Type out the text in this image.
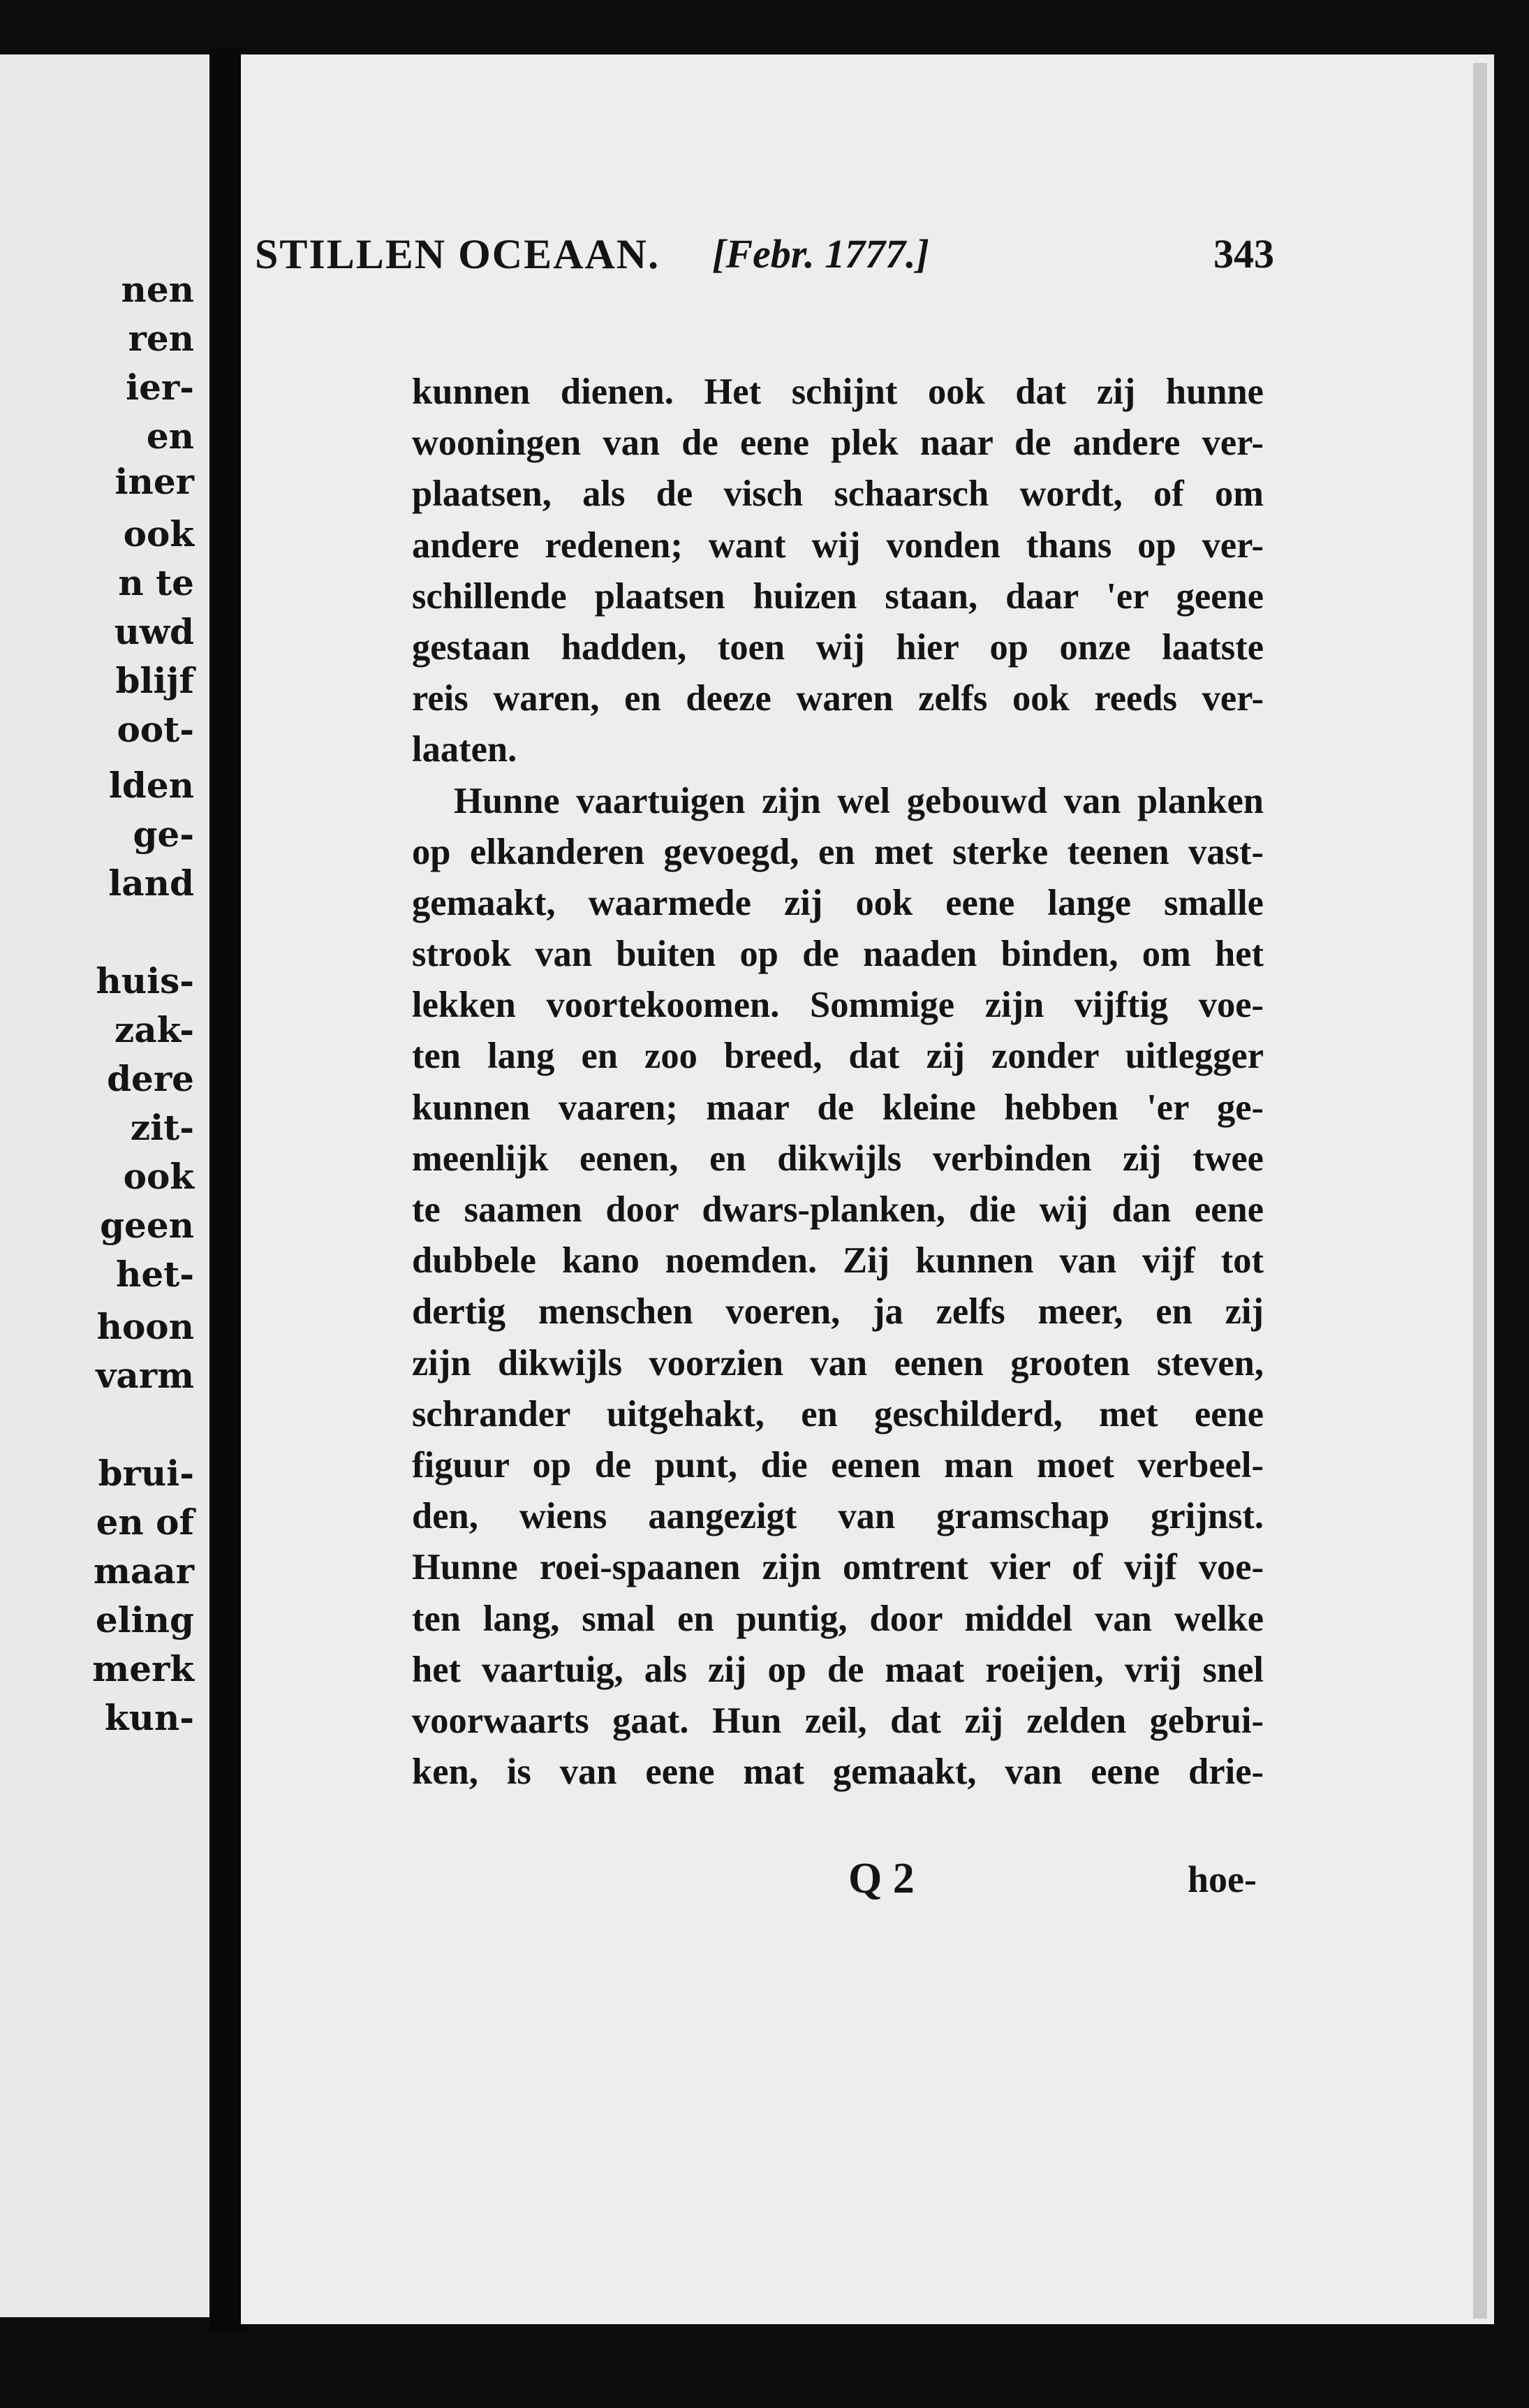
nen
ren
ier-
en
iner
ook
n te
uwd
blijf
oot-
lden
ge-
land
huis-
zak-
dere
zit-
ook
geen
het-
hoon
varm
brui-
en of
maar
eling
merk
kun-
STILLEN OCEAAN. [Febr. 1777.]	343
kunnen dienen. Het schijnt ook dat zij hunne
wooningen van de eene plek naar de andere ver-
plaatsen, als de visch schaarsch wordt, of om
andere redenen; want wij vonden thans op ver-
schillende plaatsen huizen staan, daar 'er geene
gestaan hadden, toen wij hier op onze laatste
reis waren, en deeze waren zelfs ook reeds ver-
laaten.
Hunne vaartuigen zijn wel gebouwd van planken
op elkanderen gevoegd, en met sterke teenen vast-
gemaakt, waarmede zij ook eene lange smalle
strook van buiten op de naaden binden, om het
lekken voortekoomen. Sommige zijn vijftig voe-
ten lang en zoo breed, dat zij zonder uitlegger
kunnen vaaren; maar de kleine hebben 'er ge-
meenlijk eenen, en dikwijls verbinden zij twee
te saamen door dwars-planken, die wij dan eene
dubbele kano noemden. Zij kunnen van vijf tot
dertig menschen voeren, ja zelfs meer, en zij
zijn dikwijls voorzien van eenen grooten steven,
schrander uitgehakt, en geschilderd, met eene
figuur op de punt, die eenen man moet verbeel-
den, wiens aangezigt van gramschap grijnst.
Hunne roei-spaanen zijn omtrent vier of vijf voe-
ten lang, smal en puntig, door middel van welke
het vaartuig, als zij op de maat roeijen, vrij snel
voorwaarts gaat. Hun zeil, dat zij zelden gebrui-
ken, is van eene mat gemaakt, van eene drie-
Q 2	hoe-
